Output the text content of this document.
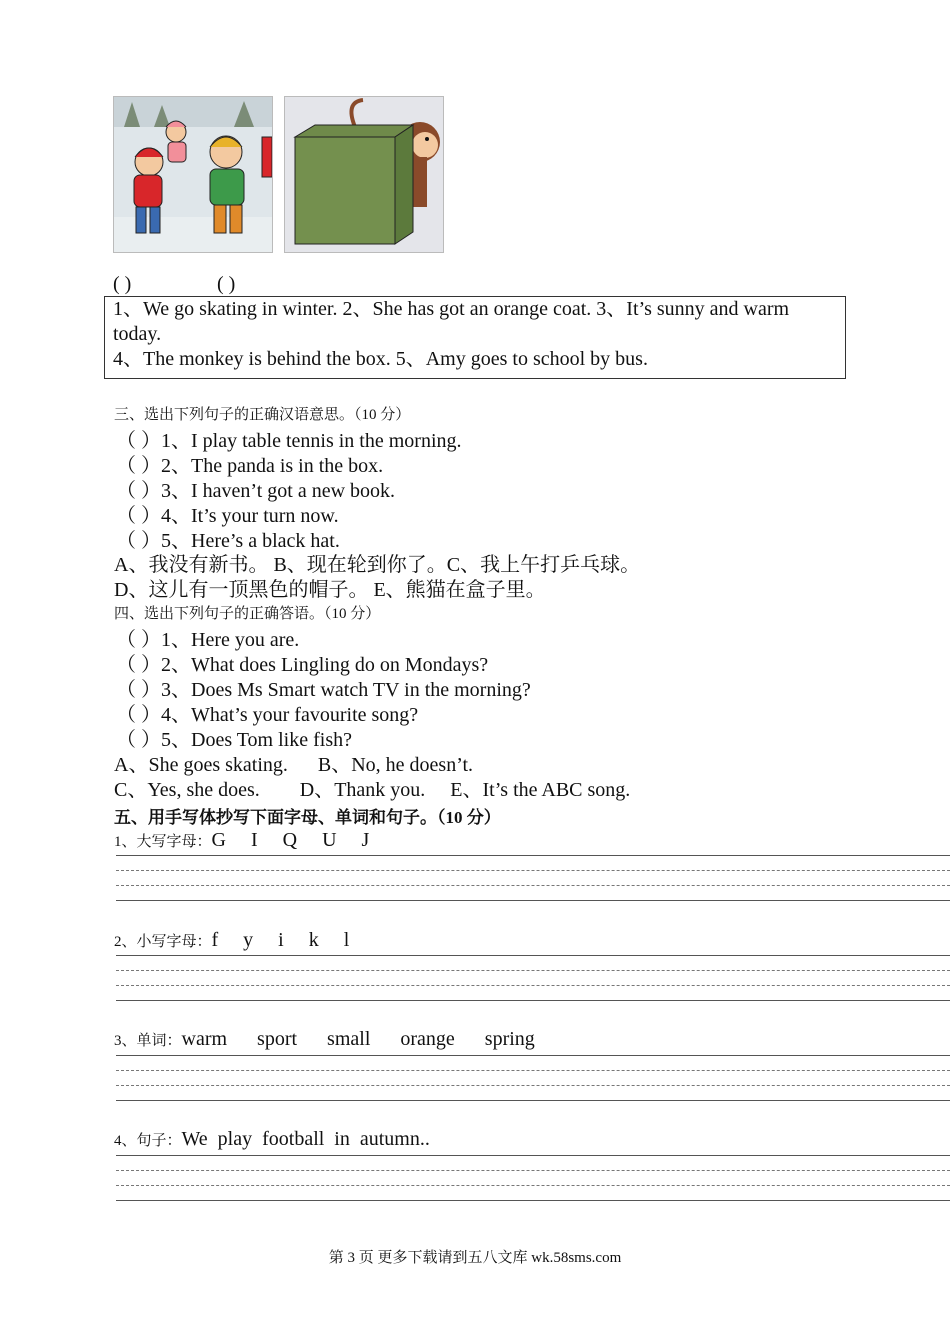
( )	( )
1、We go skating in winter. 2、She has got an orange coat. 3、It’s sunny and warm today.
4、The monkey is behind the box. 5、Amy goes to school by bus.
三、选出下列句子的正确汉语意思。（10 分）
（ ）1、I play table tennis in the morning.
（ ）2、The panda is in the box.
（ ）3、I haven’t got a new book.
（ ）4、It’s your turn now.
（ ）5、Here’s a black hat.
A、我没有新书。 B、现在轮到你了。C、我上午打乒乓球。
D、这儿有一顶黑色的帽子。 E、熊猫在盒子里。
四、选出下列句子的正确答语。（10 分）
（ ）1、Here you are.
（ ）2、What does Lingling do on Mondays?
（ ）3、Does Ms Smart watch TV in the morning?
（ ）4、What’s your favourite song?
（ ）5、Does Tom like fish?
A、She goes skating.      B、No, he doesn’t.
C、Yes, she does.        D、Thank you.     E、It’s the ABC song.
五、用手写体抄写下面字母、单词和句子。（10 分）
1、大写字母：G     I     Q     U     J
2、小写字母：f     y     i     k     l
3、单词：warm      sport      small      orange      spring
4、句子：We  play  football  in  autumn..
第 3 页 更多下载请到五八文库 wk.58sms.com
